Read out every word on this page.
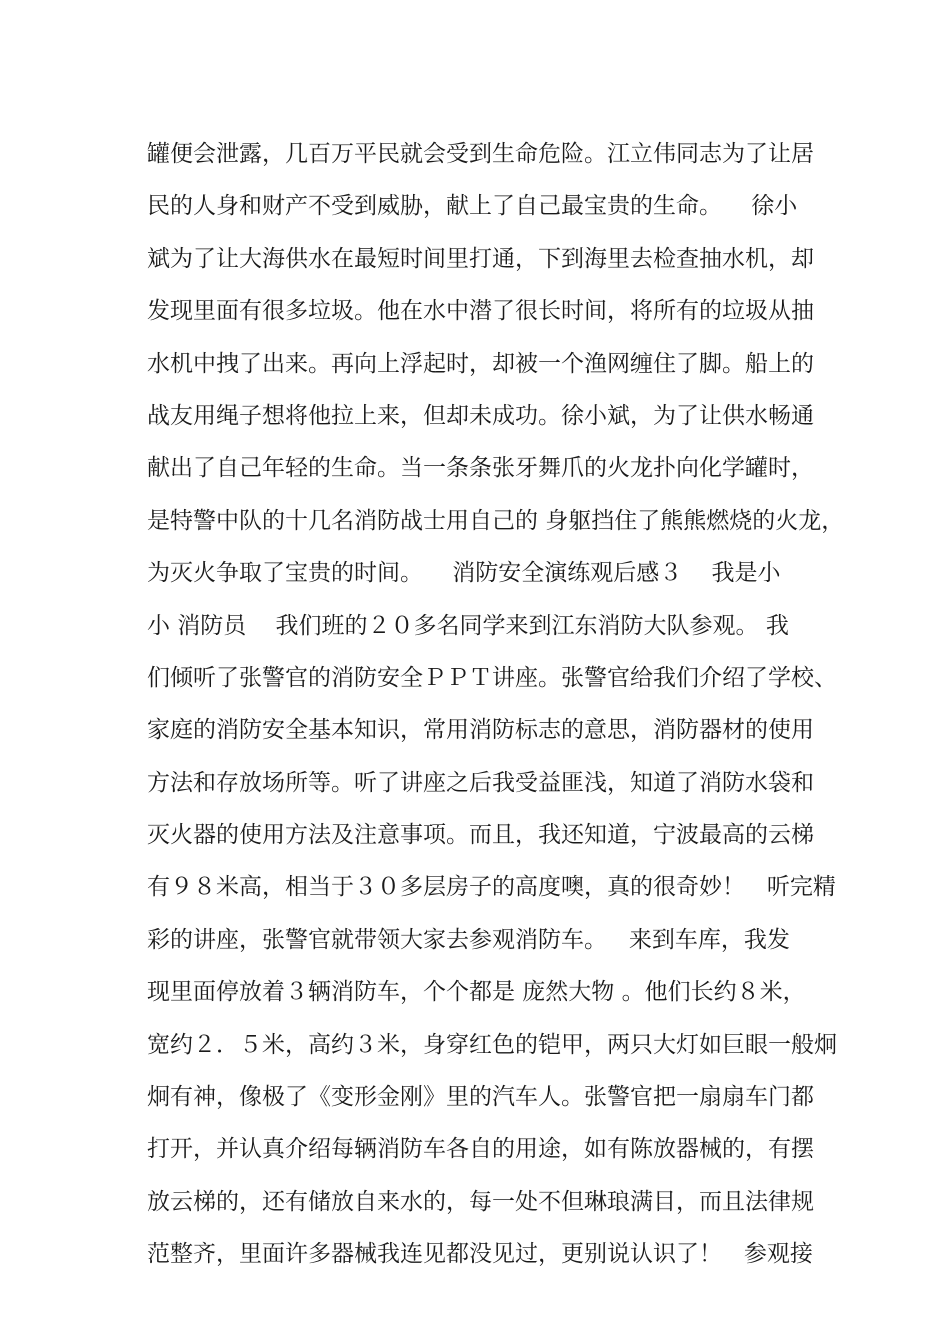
罐便会泄露，几百万平民就会受到生命危险。江立伟同志为了让居
民的人身和财产不受到威胁，献上了自己最宝贵的生命。    徐小
斌为了让大海供水在最短时间里打通，下到海里去检查抽水机，却
发现里面有很多垃圾。他在水中潜了很长时间，将所有的垃圾从抽
水机中拽了出来。再向上浮起时，却被一个渔网缠住了脚。船上的
战友用绳子想将他拉上来，但却未成功。徐小斌，为了让供水畅通
献出了自己年轻的生命。当一条条张牙舞爪的火龙扑向化学罐时，
是特警中队的十几名消防战士用自己的 身躯挡住了熊熊燃烧的火龙，
为灭火争取了宝贵的时间。    消防安全演练观后感３    我是小
小 消防员    我们班的２０多名同学来到江东消防大队参观。 我
们倾听了张警官的消防安全ＰＰＴ讲座。张警官给我们介绍了学校、
家庭的消防安全基本知识，常用消防标志的意思，消防器材的使用
方法和存放场所等。听了讲座之后我受益匪浅，知道了消防水袋和
灭火器的使用方法及注意事项。而且，我还知道，宁波最高的云梯
有９８米高，相当于３０多层房子的高度噢，真的很奇妙！   听完精
彩的讲座，张警官就带领大家去参观消防车。   来到车库，我发
现里面停放着３辆消防车，个个都是 庞然大物 。他们长约８米，
宽约２．５米，高约３米，身穿红色的铠甲，两只大灯如巨眼一般炯
炯有神，像极了《变形金刚》里的汽车人。张警官把一扇扇车门都
打开，并认真介绍每辆消防车各自的用途，如有陈放器械的，有摆
放云梯的，还有储放自来水的，每一处不但琳琅满目，而且法律规
范整齐，里面许多器械我连见都没见过，更别说认识了！   参观接
